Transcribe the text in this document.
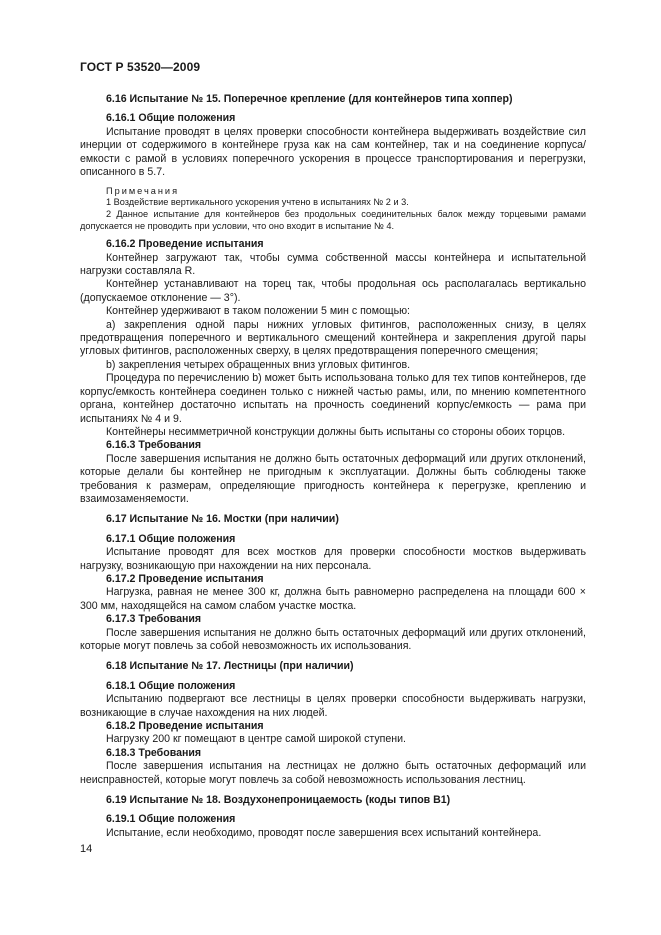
ГОСТ Р 53520—2009

6.16 Испытание № 15. Поперечное крепление (для контейнеров типа хоппер)

6.16.1 Общие положения

Испытание проводят в целях проверки способности контейнера выдерживать воздействие сил инерции от содержимого в контейнере груза как на сам контейнер, так и на соединение корпуса/емкости с рамой в условиях поперечного ускорения в процессе транспортирования и перегрузки, описанного в 5.7.

Примечания

1 Воздействие вертикального ускорения учтено в испытаниях № 2 и 3.

2 Данное испытание для контейнеров без продольных соединительных балок между торцевыми рамами допускается не проводить при условии, что оно входит в испытание № 4.

6.16.2 Проведение испытания

Контейнер загружают так, чтобы сумма собственной массы контейнера и испытательной нагрузки составляла R.

Контейнер устанавливают на торец так, чтобы продольная ось располагалась вертикально (допускаемое отклонение — 3°).

Контейнер удерживают в таком положении 5 мин с помощью:

а) закрепления одной пары нижних угловых фитингов, расположенных снизу, в целях предотвращения поперечного и вертикального смещений контейнера и закрепления другой пары угловых фитингов, расположенных сверху, в целях предотвращения поперечного смещения;

b) закрепления четырех обращенных вниз угловых фитингов.

Процедура по перечислению b) может быть использована только для тех типов контейнеров, где корпус/емкость контейнера соединен только с нижней частью рамы, или, по мнению компетентного органа, контейнер достаточно испытать на прочность соединений корпус/емкость — рама при испытаниях № 4 и 9.

Контейнеры несимметричной конструкции должны быть испытаны со стороны обоих торцов.

6.16.3 Требования

После завершения испытания не должно быть остаточных деформаций или других отклонений, которые делали бы контейнер не пригодным к эксплуатации. Должны быть соблюдены также требования к размерам, определяющие пригодность контейнера к перегрузке, креплению и взаимозаменяемости.

6.17 Испытание № 16. Мостки (при наличии)

6.17.1 Общие положения

Испытание проводят для всех мостков для проверки способности мостков выдерживать нагрузку, возникающую при нахождении на них персонала.

6.17.2 Проведение испытания

Нагрузка, равная не менее 300 кг, должна быть равномерно распределена на площади 600 × 300 мм, находящейся на самом слабом участке мостка.

6.17.3 Требования

После завершения испытания не должно быть остаточных деформаций или других отклонений, которые могут повлечь за собой невозможность их использования.

6.18 Испытание № 17. Лестницы (при наличии)

6.18.1 Общие положения

Испытанию подвергают все лестницы в целях проверки способности выдерживать нагрузки, возникающие в случае нахождения на них людей.

6.18.2 Проведение испытания

Нагрузку 200 кг помещают в центре самой широкой ступени.

6.18.3 Требования

После завершения испытания на лестницах не должно быть остаточных деформаций или неисправностей, которые могут повлечь за собой невозможность использования лестниц.

6.19 Испытание № 18. Воздухонепроницаемость (коды типов В1)

6.19.1 Общие положения

Испытание, если необходимо, проводят после завершения всех испытаний контейнера.

14
